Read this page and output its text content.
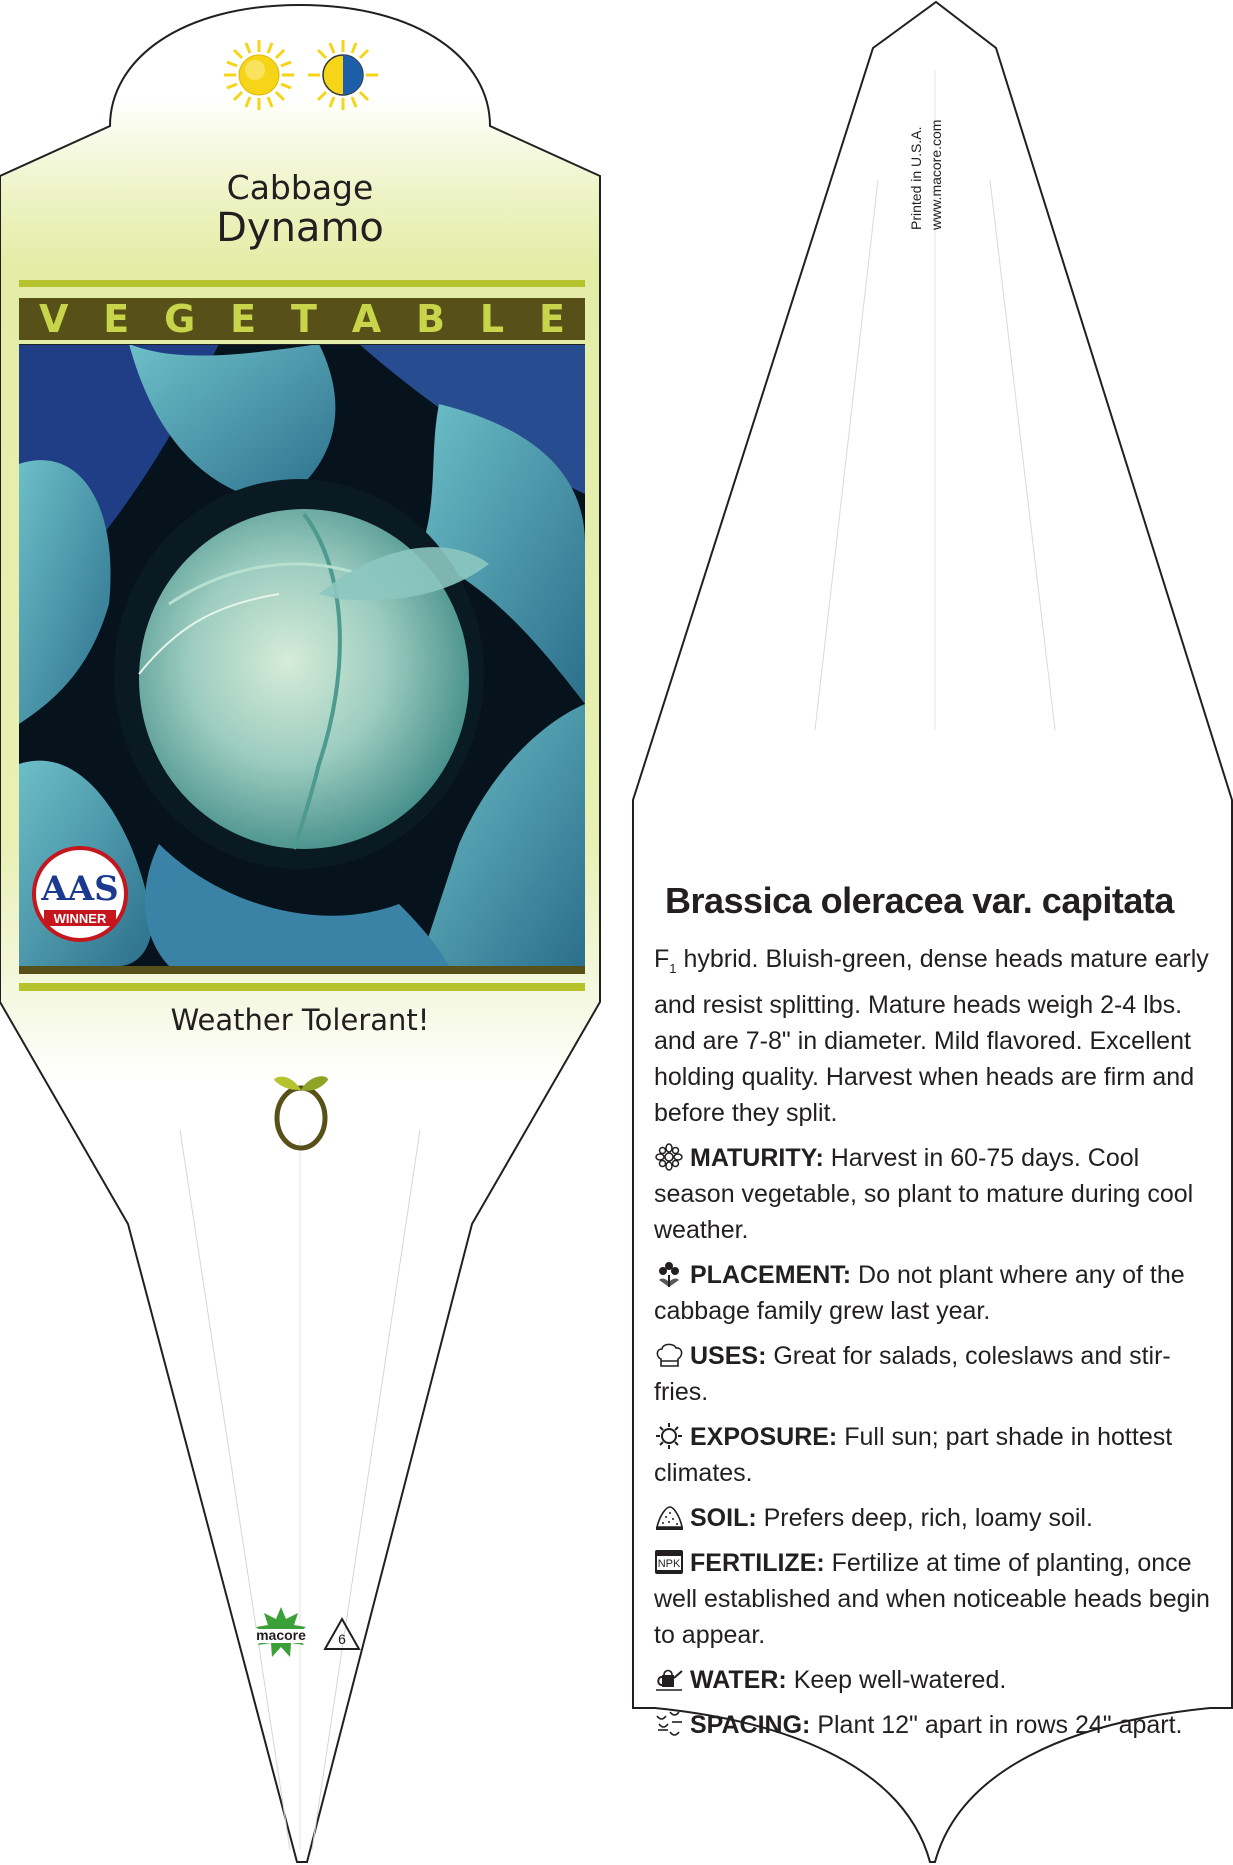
Cabbage
Dynamo
V E G E T A B L E
AAS
WINNER
Weather Tolerant!
macore 6
Printed in U.S.A. www.macore.com
Brassica oleracea var. capitata

$F_1$ hybrid. Bluish-green, dense heads mature early and resist splitting. Mature heads weigh 2-4 lbs. and are 7-8" in diameter. Mild flavored. Excellent holding quality. Harvest when heads are firm and before they split.

MATURITY: Harvest in 60-75 days. Cool season vegetable, so plant to mature during cool weather.

PLACEMENT: Do not plant where any of the cabbage family grew last year.

USES: Great for salads, coleslaws and stir-fries.

EXPOSURE: Full sun; part shade in hottest climates.

SOIL: Prefers deep, rich, loamy soil.

NPK FERTILIZE: Fertilize at time of planting, once well established and when noticeable heads begin to appear.

WATER: Keep well-watered.

SPACING: Plant 12" apart in rows 24" apart.
